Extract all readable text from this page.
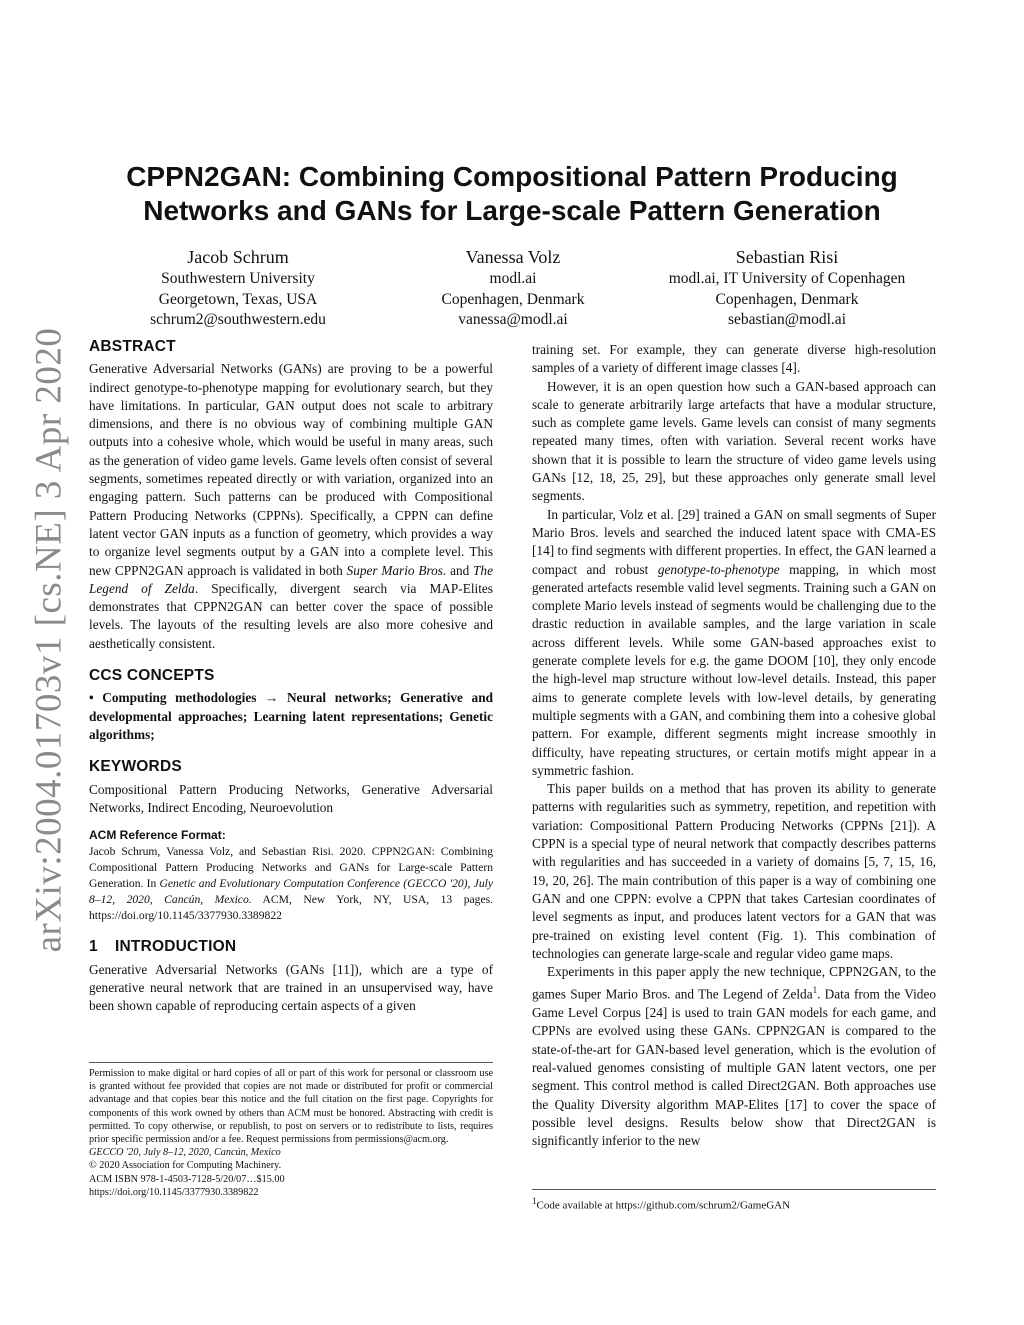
arXiv:2004.01703v1 [cs.NE] 3 Apr 2020
CPPN2GAN: Combining Compositional Pattern Producing
Networks and GANs for Large-scale Pattern Generation
Jacob Schrum
Southwestern University
Georgetown, Texas, USA
schrum2@southwestern.edu
Vanessa Volz
modl.ai
Copenhagen, Denmark
vanessa@modl.ai
Sebastian Risi
modl.ai, IT University of Copenhagen
Copenhagen, Denmark
sebastian@modl.ai
ABSTRACT

Generative Adversarial Networks (GANs) are proving to be a powerful indirect genotype-to-phenotype mapping for evolutionary search, but they have limitations. In particular, GAN output does not scale to arbitrary dimensions, and there is no obvious way of combining multiple GAN outputs into a cohesive whole, which would be useful in many areas, such as the generation of video game levels. Game levels often consist of several segments, sometimes repeated directly or with variation, organized into an engaging pattern. Such patterns can be produced with Compositional Pattern Producing Networks (CPPNs). Specifically, a CPPN can define latent vector GAN inputs as a function of geometry, which provides a way to organize level segments output by a GAN into a complete level. This new CPPN2GAN approach is validated in both Super Mario Bros. and The Legend of Zelda. Specifically, divergent search via MAP-Elites demonstrates that CPPN2GAN can better cover the space of possible levels. The layouts of the resulting levels are also more cohesive and aesthetically consistent.

CCS CONCEPTS

• Computing methodologies → Neural networks; Generative and developmental approaches; Learning latent representations; Genetic algorithms;

KEYWORDS

Compositional Pattern Producing Networks, Generative Adversarial Networks, Indirect Encoding, Neuroevolution

ACM Reference Format:

Jacob Schrum, Vanessa Volz, and Sebastian Risi. 2020. CPPN2GAN: Combining Compositional Pattern Producing Networks and GANs for Large-scale Pattern Generation. In Genetic and Evolutionary Computation Conference (GECCO '20), July 8–12, 2020, Cancún, Mexico. ACM, New York, NY, USA, 13 pages. https://doi.org/10.1145/3377930.3389822

1 INTRODUCTION

Generative Adversarial Networks (GANs [11]), which are a type of generative neural network that are trained in an unsupervised way, have been shown capable of reproducing certain aspects of a given

Permission to make digital or hard copies of all or part of this work for personal or classroom use is granted without fee provided that copies are not made or distributed for profit or commercial advantage and that copies bear this notice and the full citation on the first page. Copyrights for components of this work owned by others than ACM must be honored. Abstracting with credit is permitted. To copy otherwise, or republish, to post on servers or to redistribute to lists, requires prior specific permission and/or a fee. Request permissions from permissions@acm.org.

GECCO '20, July 8–12, 2020, Cancún, Mexico
© 2020 Association for Computing Machinery.
ACM ISBN 978-1-4503-7128-5/20/07…$15.00
https://doi.org/10.1145/3377930.3389822

training set. For example, they can generate diverse high-resolution samples of a variety of different image classes [4].

However, it is an open question how such a GAN-based approach can scale to generate arbitrarily large artefacts that have a modular structure, such as complete game levels. Game levels can consist of many segments repeated many times, often with variation. Several recent works have shown that it is possible to learn the structure of video game levels using GANs [12, 18, 25, 29], but these approaches only generate small level segments.

In particular, Volz et al. [29] trained a GAN on small segments of Super Mario Bros. levels and searched the induced latent space with CMA-ES [14] to find segments with different properties. In effect, the GAN learned a compact and robust genotype-to-phenotype mapping, in which most generated artefacts resemble valid level segments. Training such a GAN on complete Mario levels instead of segments would be challenging due to the drastic reduction in available samples, and the large variation in scale across different levels. While some GAN-based approaches exist to generate complete levels for e.g. the game DOOM [10], they only encode the high-level map structure without low-level details. Instead, this paper aims to generate complete levels with low-level details, by generating multiple segments with a GAN, and combining them into a cohesive global pattern. For example, different segments might increase smoothly in difficulty, have repeating structures, or certain motifs might appear in a symmetric fashion.

This paper builds on a method that has proven its ability to generate patterns with regularities such as symmetry, repetition, and repetition with variation: Compositional Pattern Producing Networks (CPPNs [21]). A CPPN is a special type of neural network that compactly describes patterns with regularities and has succeeded in a variety of domains [5, 7, 15, 16, 19, 20, 26]. The main contribution of this paper is a way of combining one GAN and one CPPN: evolve a CPPN that takes Cartesian coordinates of level segments as input, and produces latent vectors for a GAN that was pre-trained on existing level content (Fig. 1). This combination of technologies can generate large-scale and regular video game maps.

Experiments in this paper apply the new technique, CPPN2GAN, to the games Super Mario Bros. and The Legend of Zelda$^1$. Data from the Video Game Level Corpus [24] is used to train GAN models for each game, and CPPNs are evolved using these GANs. CPPN2GAN is compared to the state-of-the-art for GAN-based level generation, which is the evolution of real-valued genomes consisting of multiple GAN latent vectors, one per segment. This control method is called Direct2GAN. Both approaches use the Quality Diversity algorithm MAP-Elites [17] to cover the space of possible level designs. Results below show that Direct2GAN is significantly inferior to the new

$^1$Code available at https://github.com/schrum2/GameGAN
